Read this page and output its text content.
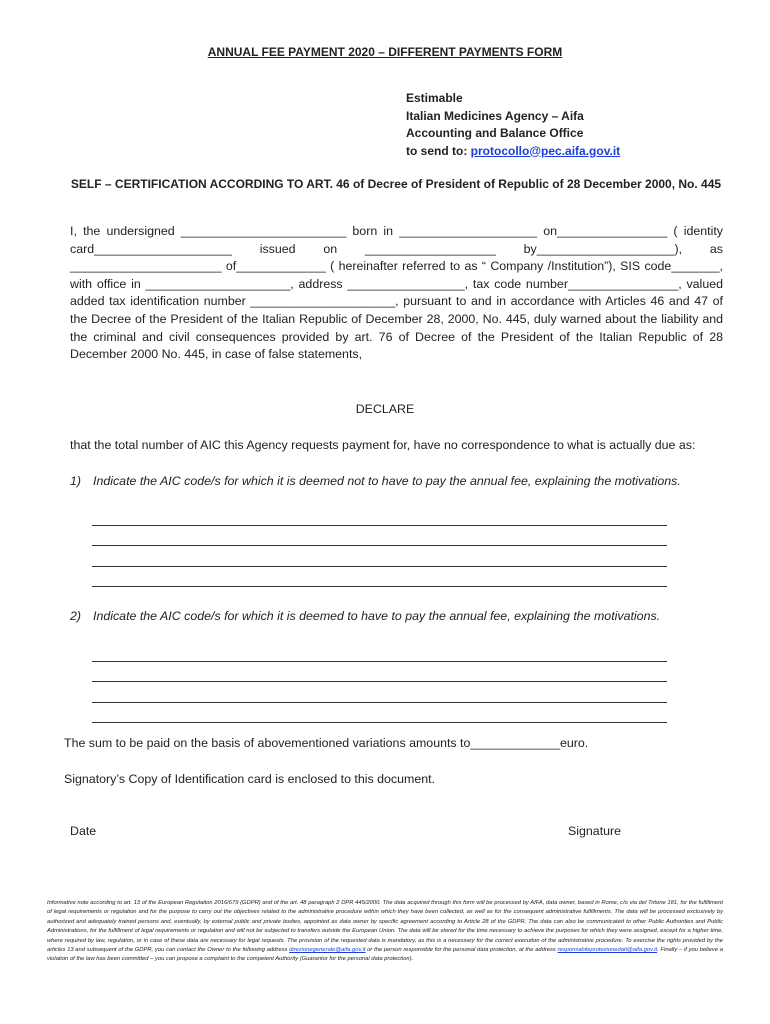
ANNUAL FEE PAYMENT 2020 – DIFFERENT PAYMENTS FORM
Estimable
Italian Medicines Agency – Aifa
Accounting and Balance Office
to send to: protocollo@pec.aifa.gov.it
SELF – CERTIFICATION ACCORDING TO ART. 46 of Decree of President of Republic of 28 December 2000, No. 445
I, the undersigned ________________________ born in ____________________ on________________ ( identity card____________________ issued on ___________________ by____________________), as ______________________ of_____________ ( hereinafter referred to as “ Company /Institution”), SIS code_______, with office in _____________________, address _________________, tax code number________________, valued added tax identification number _____________________, pursuant to and in accordance with Articles 46 and 47 of the Decree of the President of the Italian Republic of December 28, 2000, No. 445, duly warned about the liability and the criminal and civil consequences provided by art. 76 of Decree of the President of the Italian Republic of 28 December 2000 No. 445, in case of false statements,
DECLARE
that the total number of AIC this Agency requests payment for, have no correspondence to what is actually due as:
1) Indicate the AIC code/s for which it is deemed not to have to pay the annual fee, explaining the motivations.
2) Indicate the AIC code/s for which it is deemed to have to pay the annual fee, explaining the motivations.
The sum to be paid on the basis of abovementioned variations amounts to_____________euro.
Signatory’s Copy of Identification card is enclosed to this document.
Date	Signature
Informative note according to art. 13 of the European Regulation 2016/679 (GDPR) and of the art. 48 paragraph 2 DPR 445/2000. The data acquired through this form will be processed by AIFA, data owner, based in Rome, c/o via del Tritone 181, for the fulfillment of legal requirements or regulation and for the purpose to carry out the objectives related to the administrative procedure within which they have been collected, as well as for the consequent administrative fulfillments. The data will be processed exclusively by authorized and adequately trained persons and, eventually, by external public and private bodies, appointed as data owner by specific agreement according to Article 28 of the GDPR. The data can also be communicated to other Public Authorities and Public Administrations, for the fulfillment of legal requirements or regulation and will not be subjected to transfers outside the European Union. The data will be stored for the time necessary to achieve the purposes for which they were assigned, except for a higher time, where required by law, regulation, or in case of these data are necessary for legal requests. The provision of the requested data is mandatory, as this is a necessary for the correct execution of the administrative procedure. To exercise the rights provided by the articles 13 and subsequent of the GDPR, you can contact the Owner to the following address direzionegenerale@aifa.gov.it or the person responsible for the personal data protection, at the address responsabileprotezionedati@aifa.gov.it. Finally – if you believe a violation of the law has been committed – you can propose a complaint to the competent Authority (Guarantor for the personal data protection).
